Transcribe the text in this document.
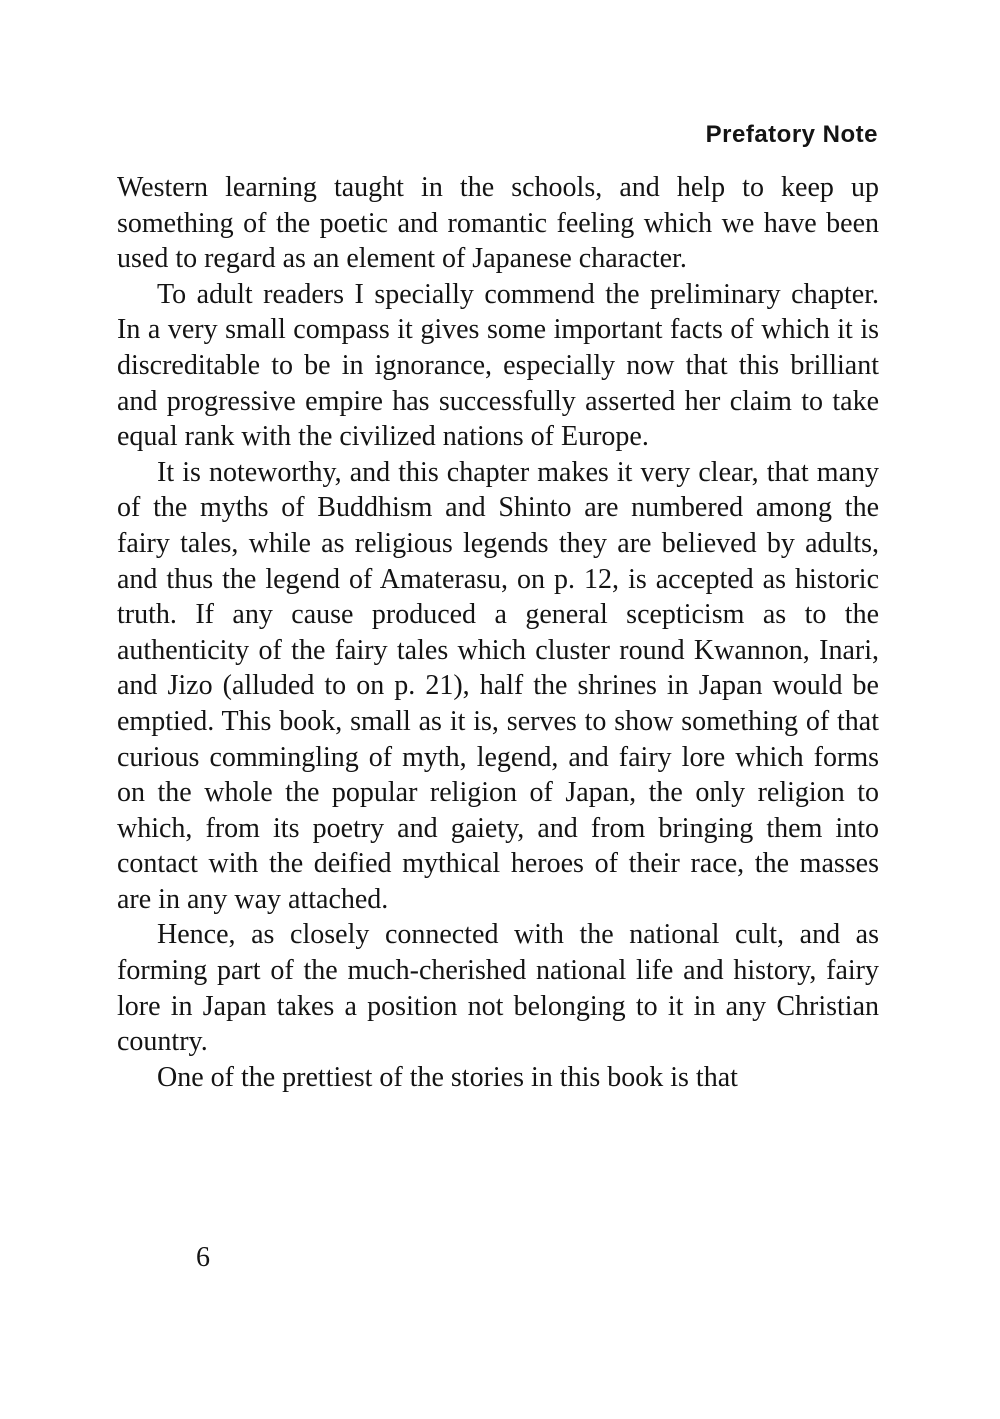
Prefatory Note

Western learning taught in the schools, and help to keep up something of the poetic and romantic feeling which we have been used to regard as an element of Japanese character.

To adult readers I specially commend the preliminary chapter. In a very small compass it gives some important facts of which it is discreditable to be in ignorance, especially now that this brilliant and progressive empire has successfully asserted her claim to take equal rank with the civilized nations of Europe.

It is noteworthy, and this chapter makes it very clear, that many of the myths of Buddhism and Shinto are numbered among the fairy tales, while as religious legends they are believed by adults, and thus the legend of Amaterasu, on p. 12, is accepted as historic truth. If any cause produced a general scepticism as to the authenticity of the fairy tales which cluster round Kwannon, Inari, and Jizo (alluded to on p. 21), half the shrines in Japan would be emptied. This book, small as it is, serves to show something of that curious commingling of myth, legend, and fairy lore which forms on the whole the popular religion of Japan, the only religion to which, from its poetry and gaiety, and from bringing them into contact with the deified mythical heroes of their race, the masses are in any way attached.

Hence, as closely connected with the national cult, and as forming part of the much-cherished national life and history, fairy lore in Japan takes a position not belonging to it in any Christian country.

One of the prettiest of the stories in this book is that

6
